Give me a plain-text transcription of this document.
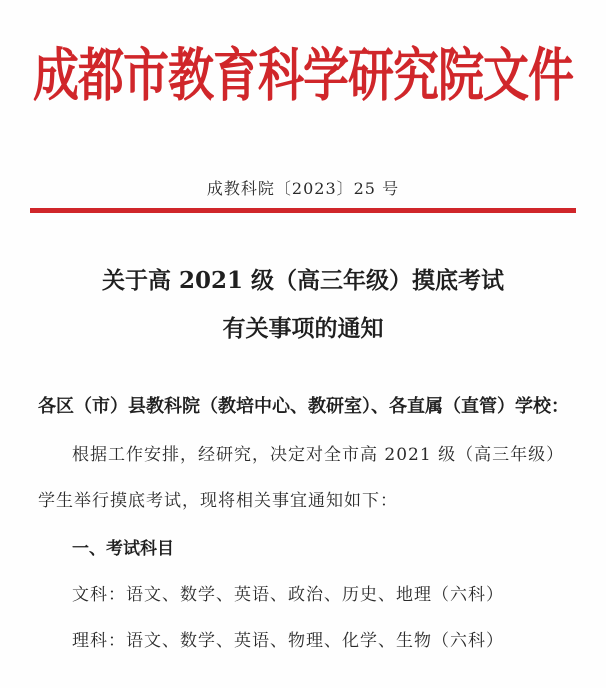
成都市教育科学研究院文件
成教科院〔2023〕25 号
关于高 2021 级（高三年级）摸底考试
有关事项的通知
各区（市）县教科院（教培中心、教研室）、各直属（直管）学校：
根据工作安排，经研究，决定对全市高 2021 级（高三年级）
学生举行摸底考试，现将相关事宜通知如下：
一、考试科目
文科：语文、数学、英语、政治、历史、地理（六科）
理科：语文、数学、英语、物理、化学、生物（六科）
